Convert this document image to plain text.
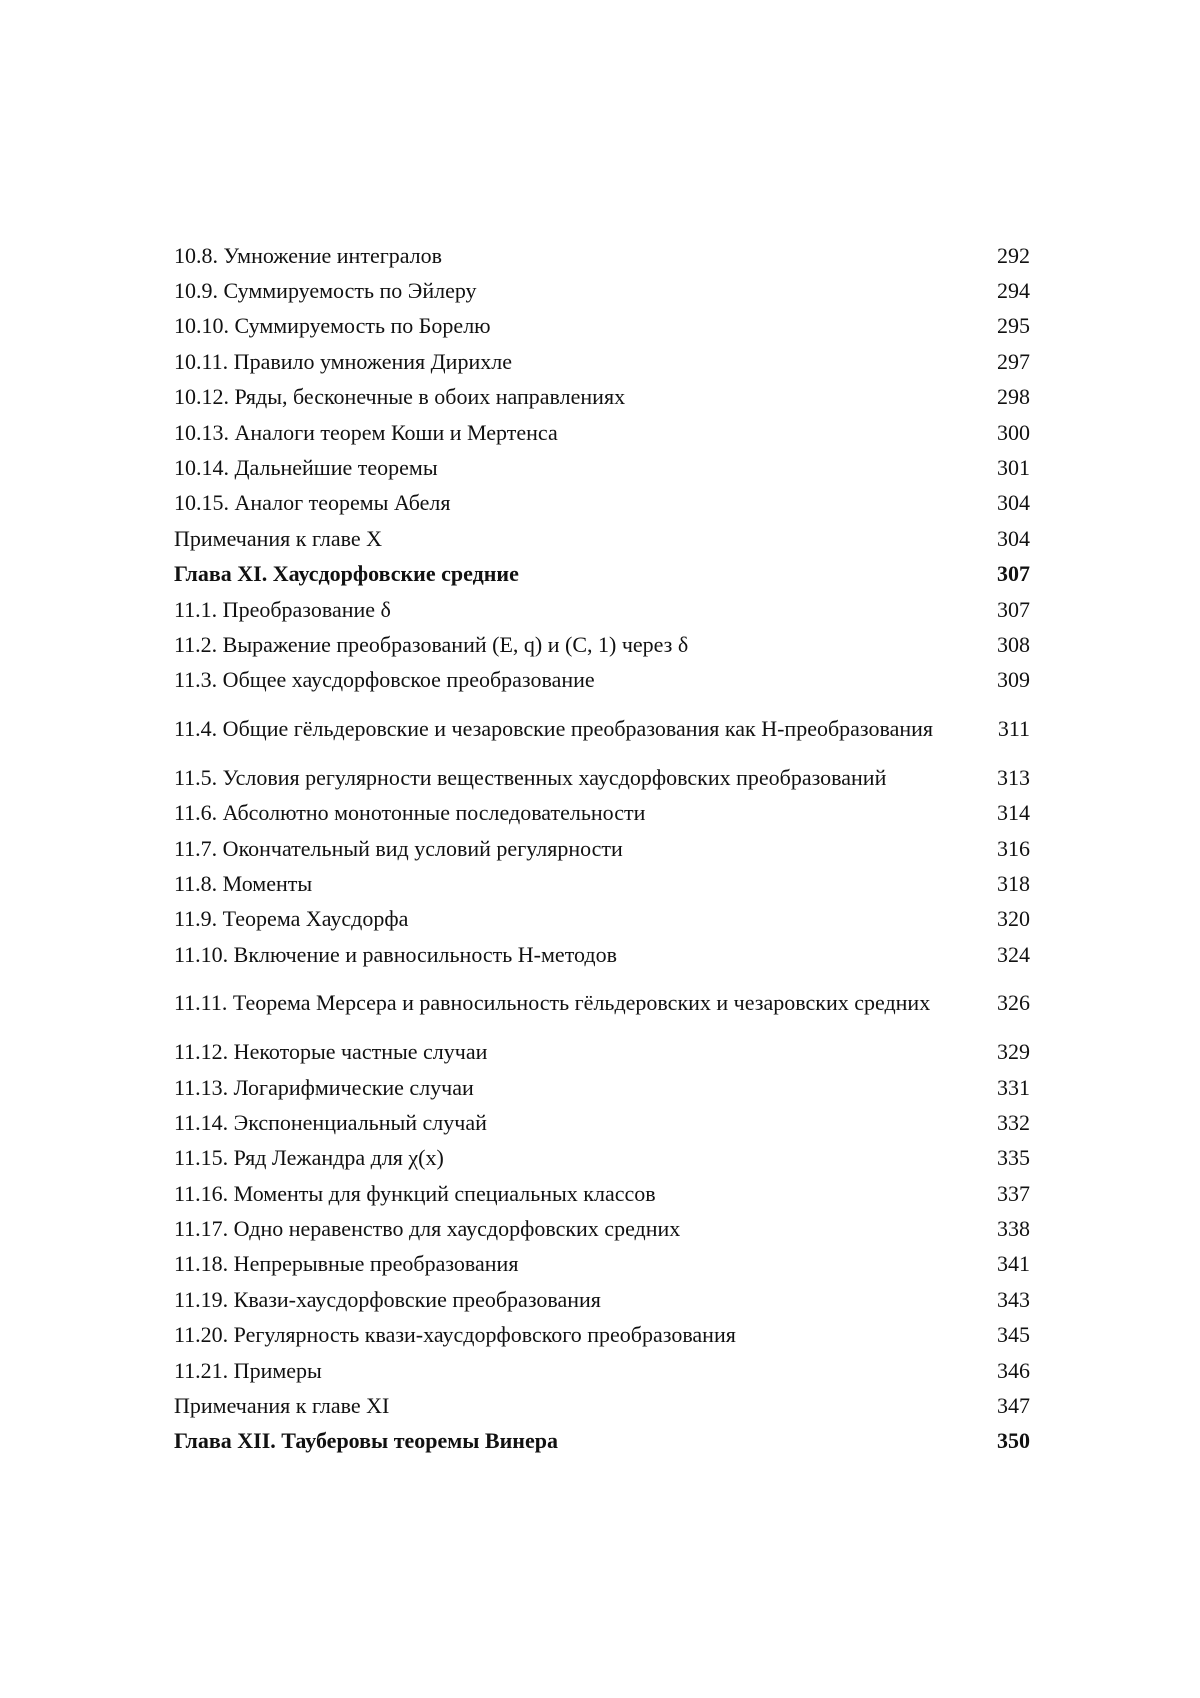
10.8. Умножение интегралов	292
10.9. Суммируемость по Эйлеру	294
10.10. Суммируемость по Борелю	295
10.11. Правило умножения Дирихле	297
10.12. Ряды, бесконечные в обоих направлениях	298
10.13. Аналоги теорем Коши и Мертенса	300
10.14. Дальнейшие теоремы	301
10.15. Аналог теоремы Абеля	304
Примечания к главе X	304
Глава XI. Хаусдорфовские средние	307
11.1. Преобразование δ	307
11.2. Выражение преобразований (E, q) и (C, 1) через δ	308
11.3. Общее хаусдорфовское преобразование	309
11.4. Общие гёльдеровские и чезаровские преобразования как H-преобразования	311
11.5. Условия регулярности вещественных хаусдорфовских преобразований	313
11.6. Абсолютно монотонные последовательности	314
11.7. Окончательный вид условий регулярности	316
11.8. Моменты	318
11.9. Теорема Хаусдорфа	320
11.10. Включение и равносильность H-методов	324
11.11. Теорема Мерсера и равносильность гёльдеровских и чезаровских средних	326
11.12. Некоторые частные случаи	329
11.13. Логарифмические случаи	331
11.14. Экспоненциальный случай	332
11.15. Ряд Лежандра для χ(x)	335
11.16. Моменты для функций специальных классов	337
11.17. Одно неравенство для хаусдорфовских средних	338
11.18. Непрерывные преобразования	341
11.19. Квази-хаусдорфовские преобразования	343
11.20. Регулярность квази-хаусдорфовского преобразования	345
11.21. Примеры	346
Примечания к главе XI	347
Глава XII. Тауберовы теоремы Винера	350
